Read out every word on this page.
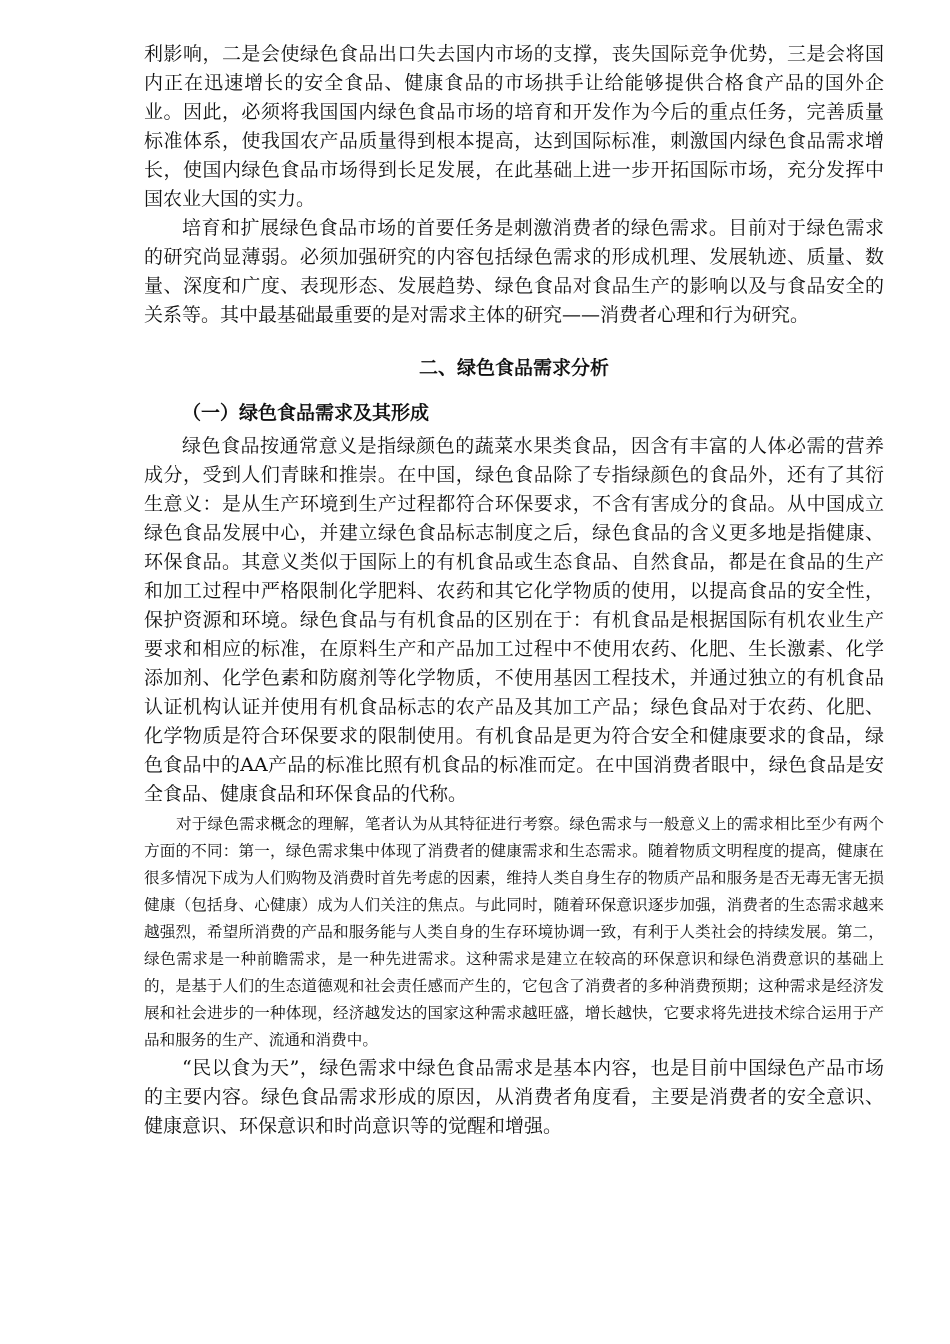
利影响，二是会使绿色食品出口失去国内市场的支撑，丧失国际竞争优势，三是会将国内正在迅速增长的安全食品、健康食品的市场拱手让给能够提供合格食产品的国外企业。因此，必须将我国国内绿色食品市场的培育和开发作为今后的重点任务，完善质量标准体系，使我国农产品质量得到根本提高，达到国际标准，刺激国内绿色食品需求增长，使国内绿色食品市场得到长足发展，在此基础上进一步开拓国际市场，充分发挥中国农业大国的实力。

培育和扩展绿色食品市场的首要任务是刺激消费者的绿色需求。目前对于绿色需求的研究尚显薄弱。必须加强研究的内容包括绿色需求的形成机理、发展轨迹、质量、数量、深度和广度、表现形态、发展趋势、绿色食品对食品生产的影响以及与食品安全的关系等。其中最基础最重要的是对需求主体的研究——消费者心理和行为研究。

二、绿色食品需求分析
（一）绿色食品需求及其形成

绿色食品按通常意义是指绿颜色的蔬菜水果类食品，因含有丰富的人体必需的营养成分，受到人们青睐和推崇。在中国，绿色食品除了专指绿颜色的食品外，还有了其衍生意义：是从生产环境到生产过程都符合环保要求，不含有害成分的食品。从中国成立绿色食品发展中心，并建立绿色食品标志制度之后，绿色食品的含义更多地是指健康、环保食品。其意义类似于国际上的有机食品或生态食品、自然食品，都是在食品的生产和加工过程中严格限制化学肥料、农药和其它化学物质的使用，以提高食品的安全性，保护资源和环境。绿色食品与有机食品的区别在于：有机食品是根据国际有机农业生产要求和相应的标准，在原料生产和产品加工过程中不使用农药、化肥、生长激素、化学添加剂、化学色素和防腐剂等化学物质，不使用基因工程技术，并通过独立的有机食品认证机构认证并使用有机食品标志的农产品及其加工产品；绿色食品对于农药、化肥、化学物质是符合环保要求的限制使用。有机食品是更为符合安全和健康要求的食品，绿色食品中的AA产品的标准比照有机食品的标准而定。在中国消费者眼中，绿色食品是安全食品、健康食品和环保食品的代称。

对于绿色需求概念的理解，笔者认为从其特征进行考察。绿色需求与一般意义上的需求相比至少有两个方面的不同：第一，绿色需求集中体现了消费者的健康需求和生态需求。随着物质文明程度的提高，健康在很多情况下成为人们购物及消费时首先考虑的因素，维持人类自身生存的物质产品和服务是否无毒无害无损健康（包括身、心健康）成为人们关注的焦点。与此同时，随着环保意识逐步加强，消费者的生态需求越来越强烈，希望所消费的产品和服务能与人类自身的生存环境协调一致，有利于人类社会的持续发展。第二，绿色需求是一种前瞻需求，是一种先进需求。这种需求是建立在较高的环保意识和绿色消费意识的基础上的，是基于人们的生态道德观和社会责任感而产生的，它包含了消费者的多种消费预期；这种需求是经济发展和社会进步的一种体现，经济越发达的国家这种需求越旺盛，增长越快，它要求将先进技术综合运用于产品和服务的生产、流通和消费中。

“民以食为天”，绿色需求中绿色食品需求是基本内容，也是目前中国绿色产品市场的主要内容。绿色食品需求形成的原因，从消费者角度看，主要是消费者的安全意识、健康意识、环保意识和时尚意识等的觉醒和增强。
